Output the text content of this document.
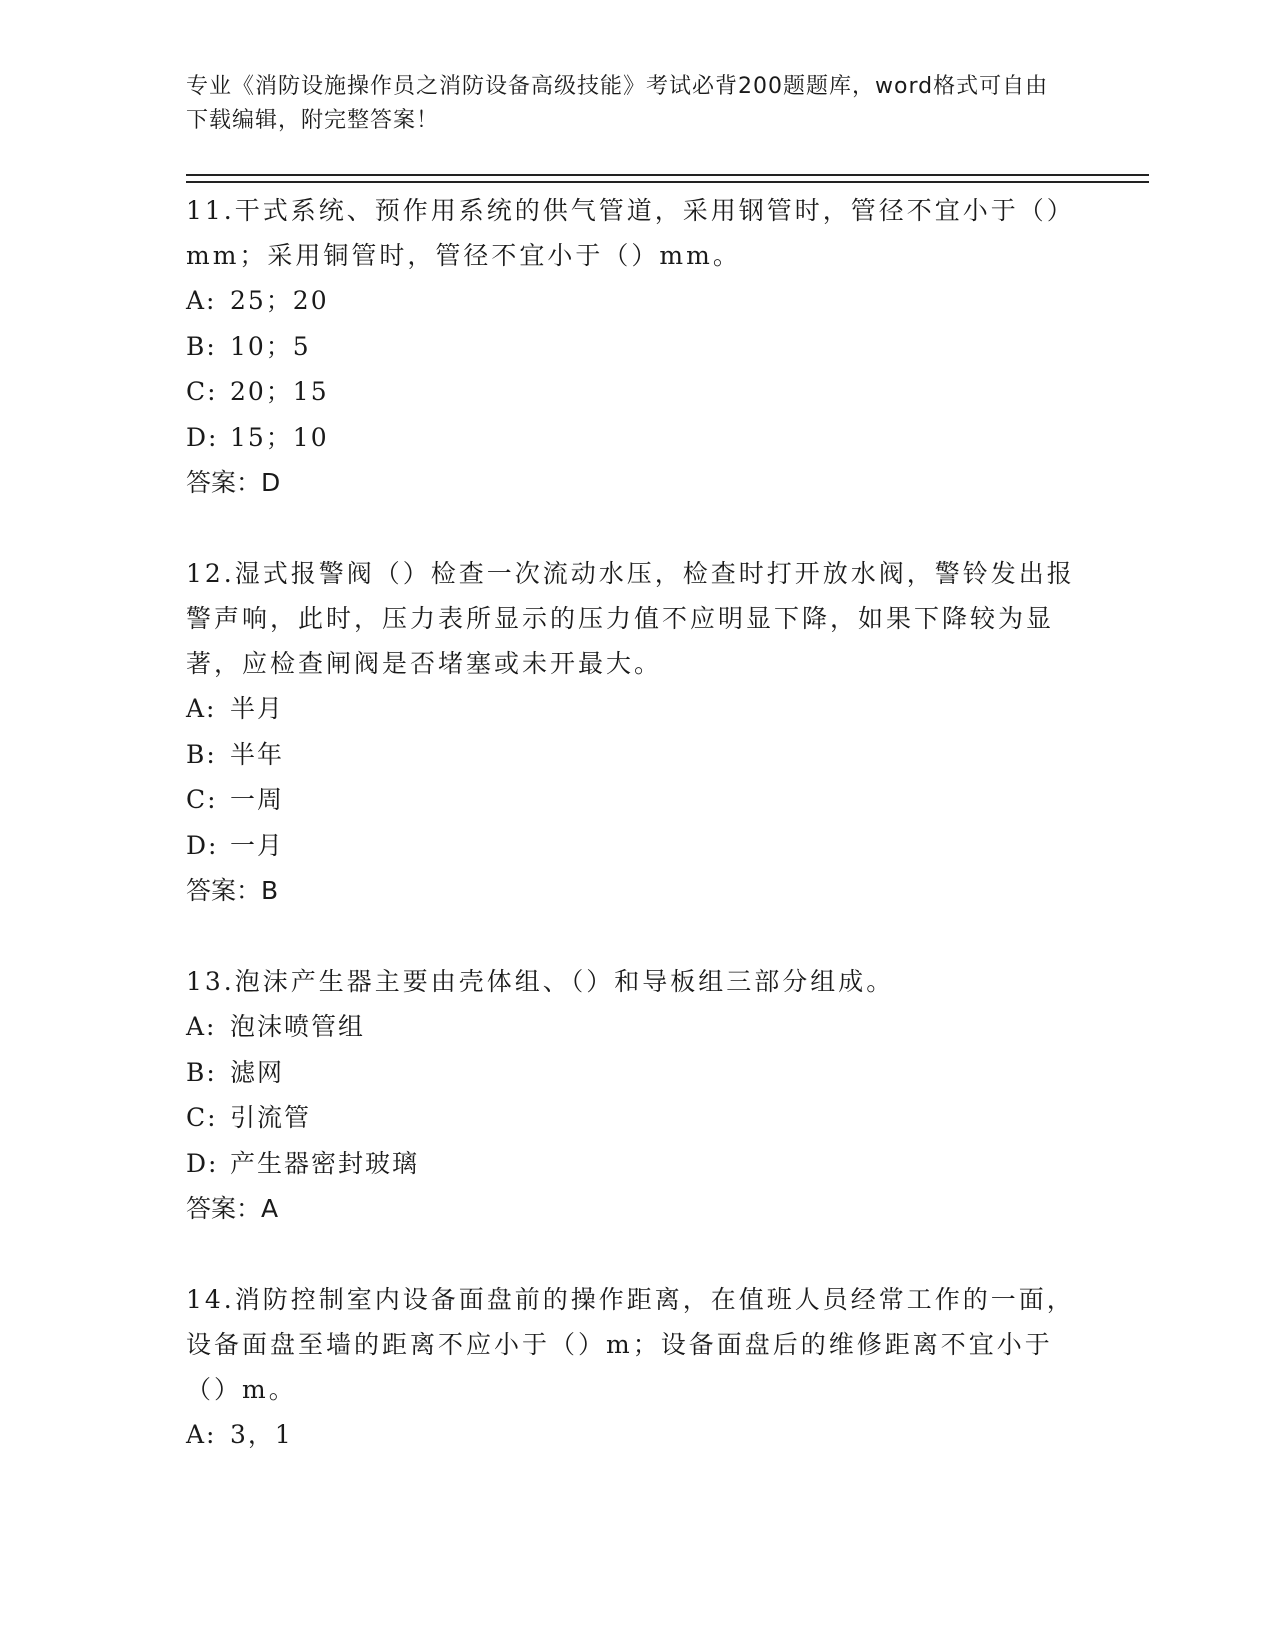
专业《消防设施操作员之消防设备高级技能》考试必背200题题库，word格式可自由下载编辑，附完整答案！
11.干式系统、预作用系统的供气管道，采用钢管时，管径不宜小于（）mm；采用铜管时，管径不宜小于（）mm。
A: 25；20
B: 10；5
C: 20；15
D: 15；10
答案：D
12.湿式报警阀（）检查一次流动水压，检查时打开放水阀，警铃发出报警声响，此时，压力表所显示的压力值不应明显下降，如果下降较为显著，应检查闸阀是否堵塞或未开最大。
A: 半月
B: 半年
C: 一周
D: 一月
答案：B
13.泡沫产生器主要由壳体组、（）和导板组三部分组成。
A: 泡沫喷管组
B: 滤网
C: 引流管
D: 产生器密封玻璃
答案：A
14.消防控制室内设备面盘前的操作距离，在值班人员经常工作的一面，设备面盘至墙的距离不应小于（）m；设备面盘后的维修距离不宜小于（）m。
A: 3，1
